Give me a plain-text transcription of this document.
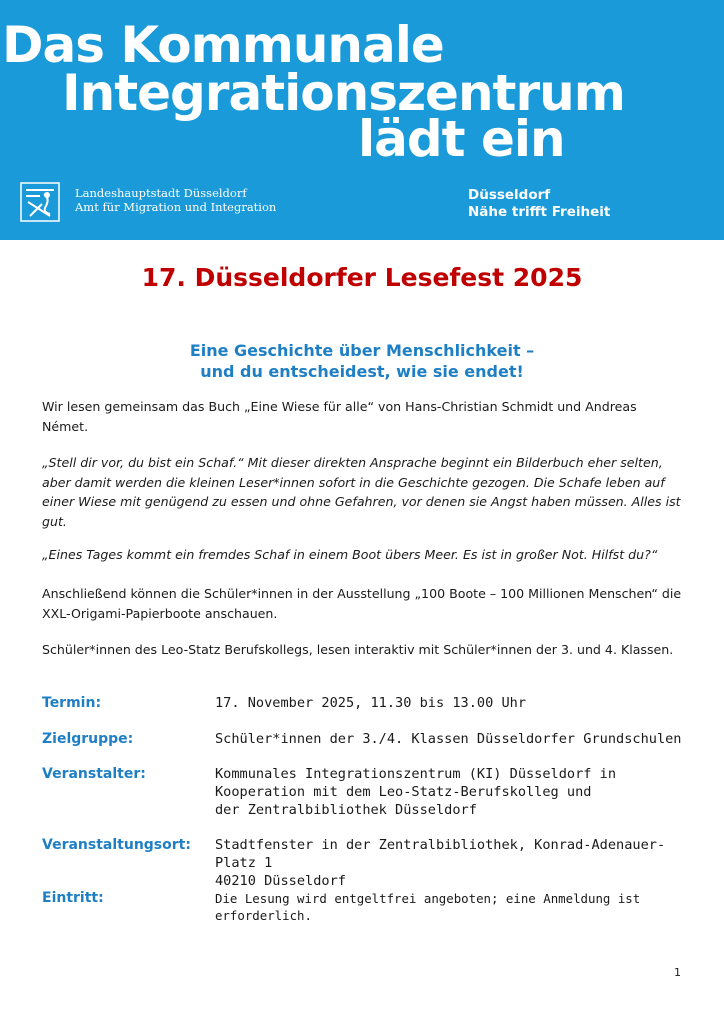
Das Kommunale
Integrationszentrum
lädt ein
Landeshauptstadt Düsseldorf
Amt für Migration und Integration
Düsseldorf
Nähe trifft Freiheit
17. Düsseldorfer Lesefest 2025
Eine Geschichte über Menschlichkeit –
und du entscheidest, wie sie endet!
Wir lesen gemeinsam das Buch „Eine Wiese für alle“ von Hans-Christian Schmidt und Andreas Német.
„Stell dir vor, du bist ein Schaf.“ Mit dieser direkten Ansprache beginnt ein Bilderbuch eher selten, aber damit werden die kleinen Leser*innen sofort in die Geschichte gezogen. Die Schafe leben auf einer Wiese mit genügend zu essen und ohne Gefahren, vor denen sie Angst haben müssen. Alles ist gut.
„Eines Tages kommt ein fremdes Schaf in einem Boot übers Meer. Es ist in großer Not. Hilfst du?“
Anschließend können die Schüler*innen in der Ausstellung „100 Boote – 100 Millionen Menschen“ die XXL-Origami-Papierboote anschauen.
Schüler*innen des Leo-Statz Berufskollegs, lesen interaktiv mit Schüler*innen der 3. und 4. Klassen.
Termin:	17. November 2025, 11.30 bis 13.00 Uhr
Zielgruppe:	Schüler*innen der 3./4. Klassen Düsseldorfer Grundschulen
Veranstalter:	Kommunales Integrationszentrum (KI) Düsseldorf in
Kooperation mit dem Leo-Statz-Berufskolleg und
der Zentralbibliothek Düsseldorf
Veranstaltungsort: Stadtfenster in der Zentralbibliothek, Konrad-Adenauer-Platz 1
40210 Düsseldorf
Eintritt:	Die Lesung wird entgeltfrei angeboten; eine Anmeldung ist
erforderlich.
1
